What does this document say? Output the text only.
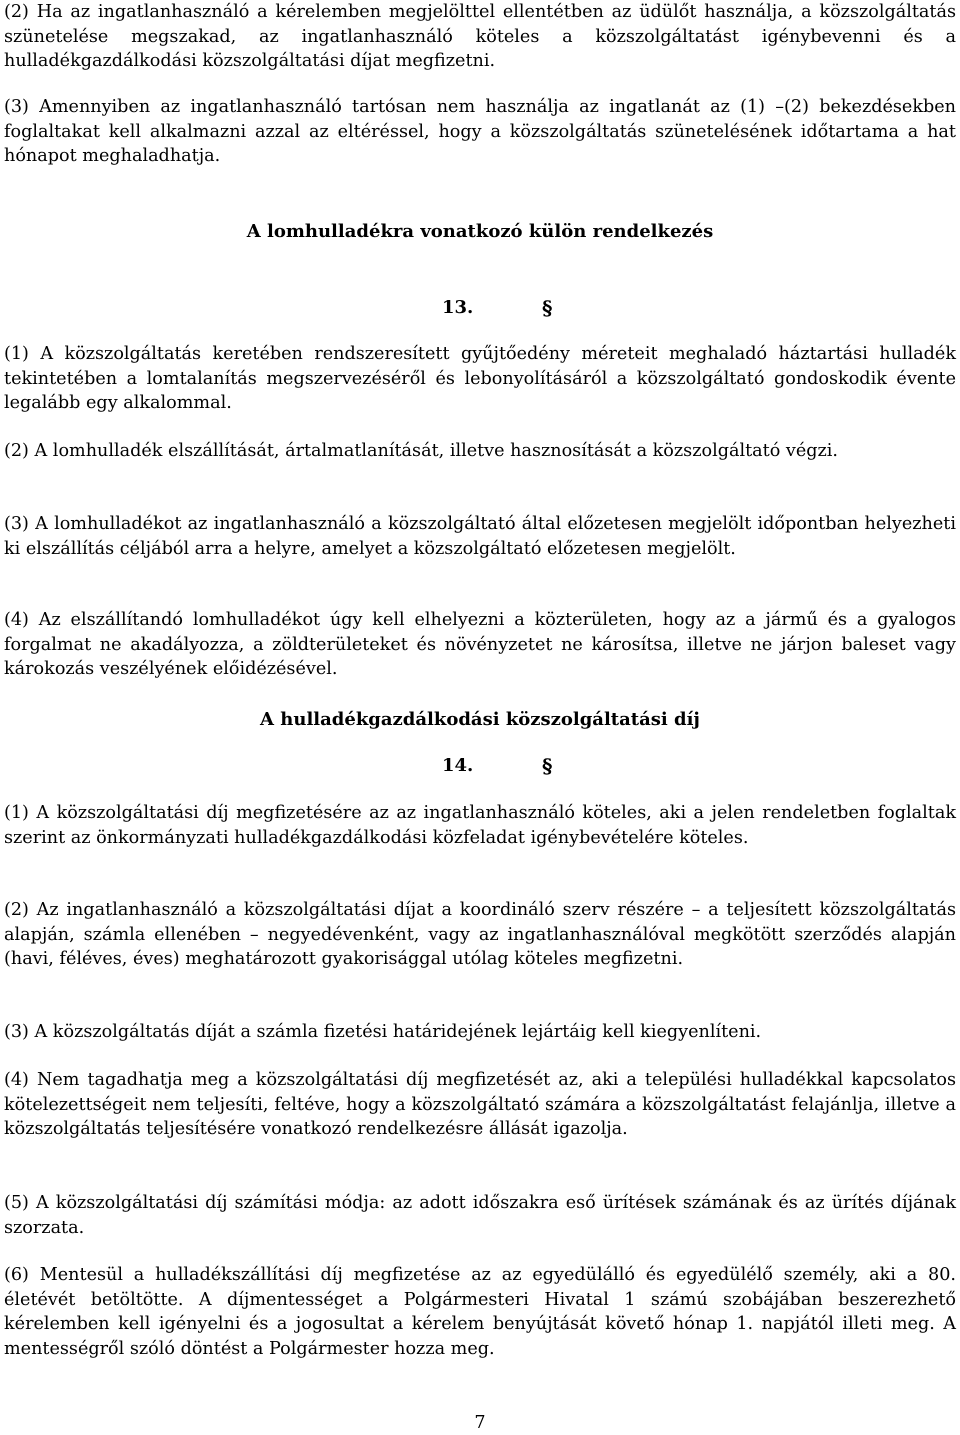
(2) Ha az ingatlanhasználó a kérelemben megjelölttel ellentétben az üdülőt használja, a közszolgáltatás szünetelése megszakad, az ingatlanhasználó köteles a közszolgáltatást igénybevenni és a hulladékgazdálkodási közszolgáltatási díjat megfizetni.

(3) Amennyiben az ingatlanhasználó tartósan nem használja az ingatlanát az (1) –(2) bekezdésekben foglaltakat kell alkalmazni azzal az eltéréssel, hogy a közszolgáltatás szünetelésének időtartama a hat hónapot meghaladhatja.

A lomhulladékra vonatkozó külön rendelkezés
13.	§

(1) A közszolgáltatás keretében rendszeresített gyűjtőedény méreteit meghaladó háztartási hulladék tekintetében a lomtalanítás megszervezéséről és lebonyolításáról a közszolgáltató gondoskodik évente legalább egy alkalommal.

(2) A lomhulladék elszállítását, ártalmatlanítását, illetve hasznosítását a közszolgáltató végzi.

(3) A lomhulladékot az ingatlanhasználó a közszolgáltató által előzetesen megjelölt időpontban helyezheti ki elszállítás céljából arra a helyre, amelyet a közszolgáltató előzetesen megjelölt.

(4) Az elszállítandó lomhulladékot úgy kell elhelyezni a közterületen, hogy az a jármű és a gyalogos forgalmat ne akadályozza, a zöldterületeket és növényzetet ne károsítsa, illetve ne járjon baleset vagy károkozás veszélyének előidézésével.

A hulladékgazdálkodási közszolgáltatási díj
14.	§

(1) A közszolgáltatási díj megfizetésére az az ingatlanhasználó köteles, aki a jelen rendeletben foglaltak szerint az önkormányzati hulladékgazdálkodási közfeladat igénybevételére köteles.

(2) Az ingatlanhasználó a közszolgáltatási díjat a koordináló szerv részére – a teljesített közszolgáltatás alapján, számla ellenében – negyedévenként, vagy az ingatlanhasználóval megkötött szerződés alapján (havi, féléves, éves) meghatározott gyakorisággal utólag köteles megfizetni.

(3) A közszolgáltatás díját a számla fizetési határidejének lejártáig kell kiegyenlíteni.

(4) Nem tagadhatja meg a közszolgáltatási díj megfizetését az, aki a települési hulladékkal kapcsolatos kötelezettségeit nem teljesíti, feltéve, hogy a közszolgáltató számára a közszolgáltatást felajánlja, illetve a közszolgáltatás teljesítésére vonatkozó rendelkezésre állását igazolja.

(5) A közszolgáltatási díj számítási módja: az adott időszakra eső ürítések számának és az ürítés díjának szorzata.

(6) Mentesül a hulladékszállítási díj megfizetése az az egyedülálló és egyedülélő személy, aki a 80. életévét betöltötte. A díjmentességet a Polgármesteri Hivatal 1 számú szobájában beszerezhető kérelemben kell igényelni és a jogosultat a kérelem benyújtását követő hónap 1. napjától illeti meg. A mentességről szóló döntést a Polgármester hozza meg.

7
